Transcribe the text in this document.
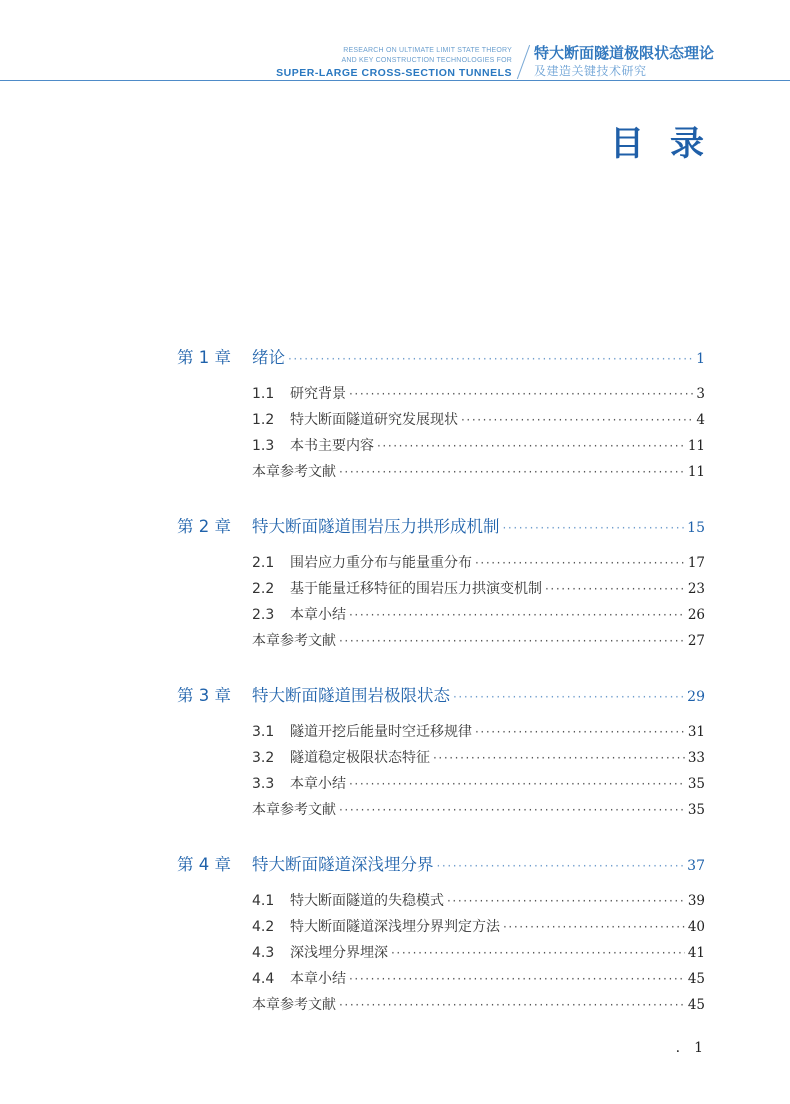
RESEARCH ON ULTIMATE LIMIT STATE THEORY
AND KEY CONSTRUCTION TECHNOLOGIES FOR
SUPER-LARGE CROSS-SECTION TUNNELS
特大断面隧道极限状态理论
及建造关键技术研究
目录
第 1 章	绪论 ·····	1
1.1	研究背景 ·····	3
1.2	特大断面隧道研究发展现状 ·····	4
1.3	本书主要内容 ·····	11
本章参考文献 ·····	11
第 2 章	特大断面隧道围岩压力拱形成机制 ·····	15
2.1	围岩应力重分布与能量重分布 ·····	17
2.2	基于能量迁移特征的围岩压力拱演变机制 ·····	23
2.3	本章小结 ·····	26
本章参考文献 ·····	27
第 3 章	特大断面隧道围岩极限状态 ·····	29
3.1	隧道开挖后能量时空迁移规律 ·····	31
3.2	隧道稳定极限状态特征 ·····	33
3.3	本章小结 ·····	35
本章参考文献 ·····	35
第 4 章	特大断面隧道深浅埋分界 ·····	37
4.1	特大断面隧道的失稳模式 ·····	39
4.2	特大断面隧道深浅埋分界判定方法 ·····	40
4.3	深浅埋分界埋深 ·····	41
4.4	本章小结 ·····	45
本章参考文献 ·····	45
. 1
